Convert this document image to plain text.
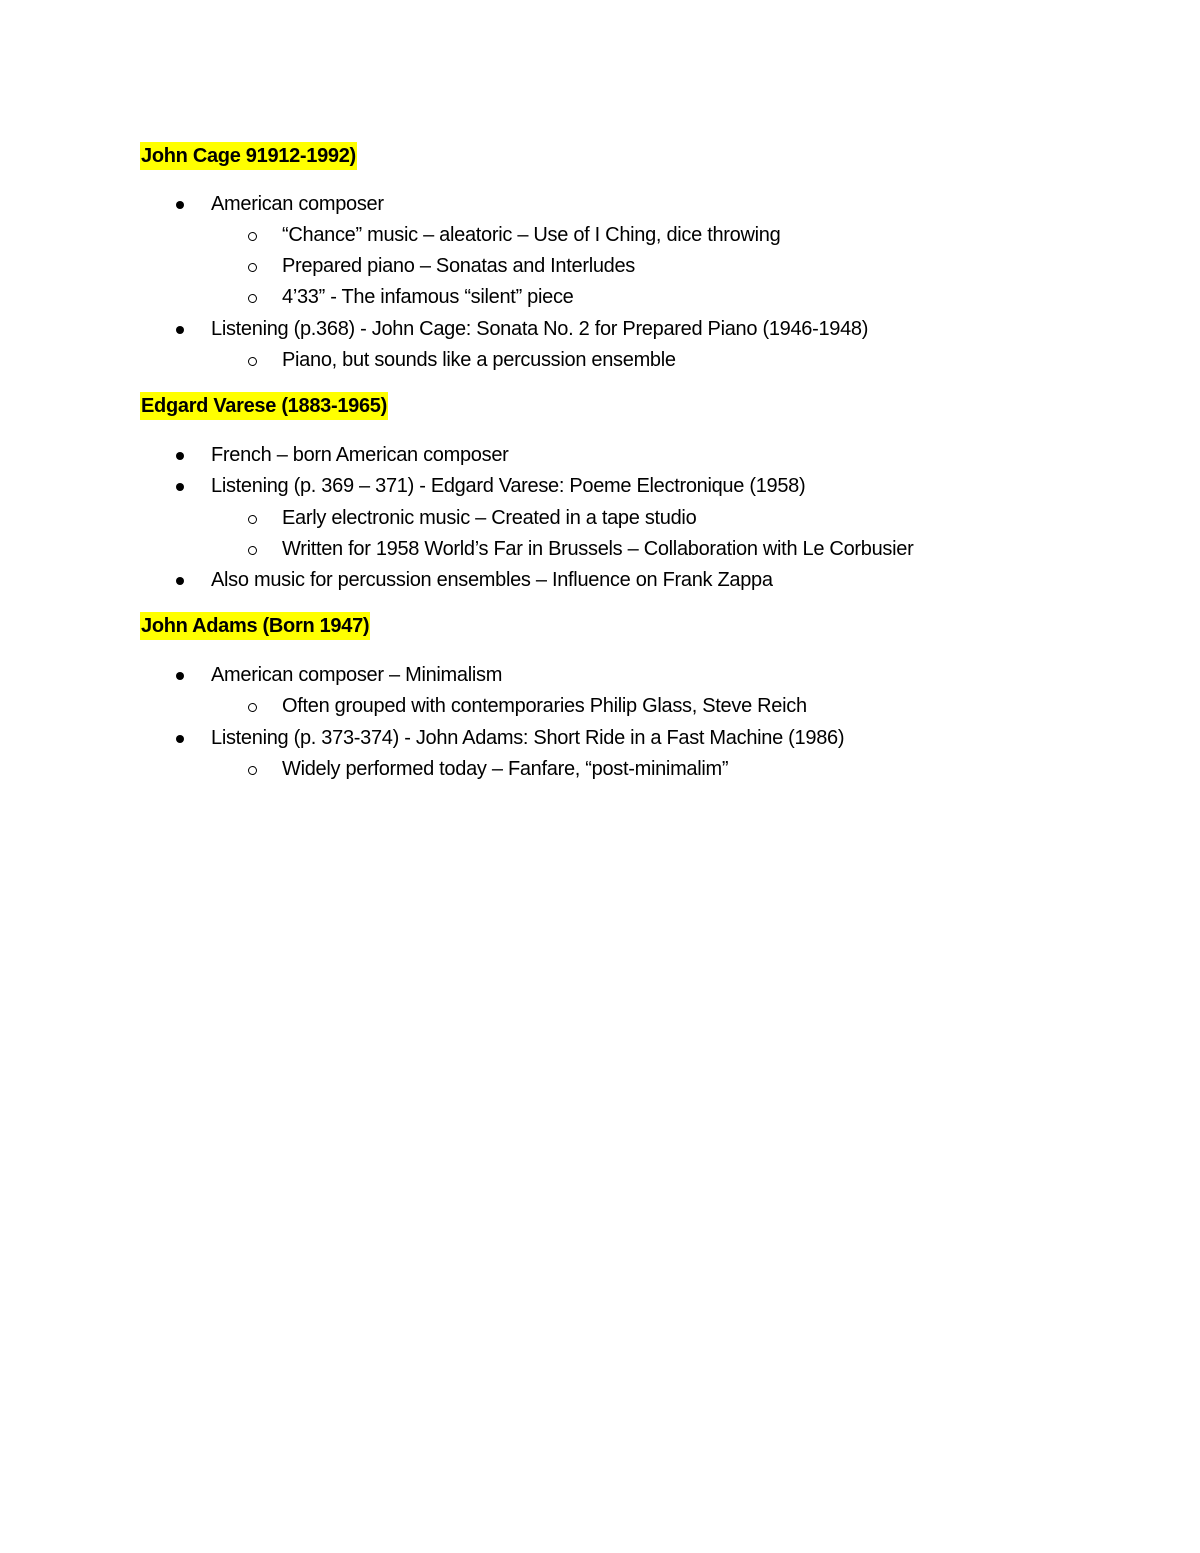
John Cage 91912-1992)
American composer
“Chance” music – aleatoric – Use of I Ching, dice throwing
Prepared piano – Sonatas and Interludes
4’33” - The infamous “silent” piece
Listening (p.368) - John Cage: Sonata No. 2 for Prepared Piano (1946-1948)
Piano, but sounds like a percussion ensemble
Edgard Varese (1883-1965)
French – born American composer
Listening (p. 369 – 371) - Edgard Varese: Poeme Electronique (1958)
Early electronic music – Created in a tape studio
Written for 1958 World’s Far in Brussels – Collaboration with Le Corbusier
Also music for percussion ensembles – Influence on Frank Zappa
John Adams (Born 1947)
American composer – Minimalism
Often grouped with contemporaries Philip Glass, Steve Reich
Listening (p. 373-374) - John Adams: Short Ride in a Fast Machine (1986)
Widely performed today – Fanfare, “post-minimalim”
